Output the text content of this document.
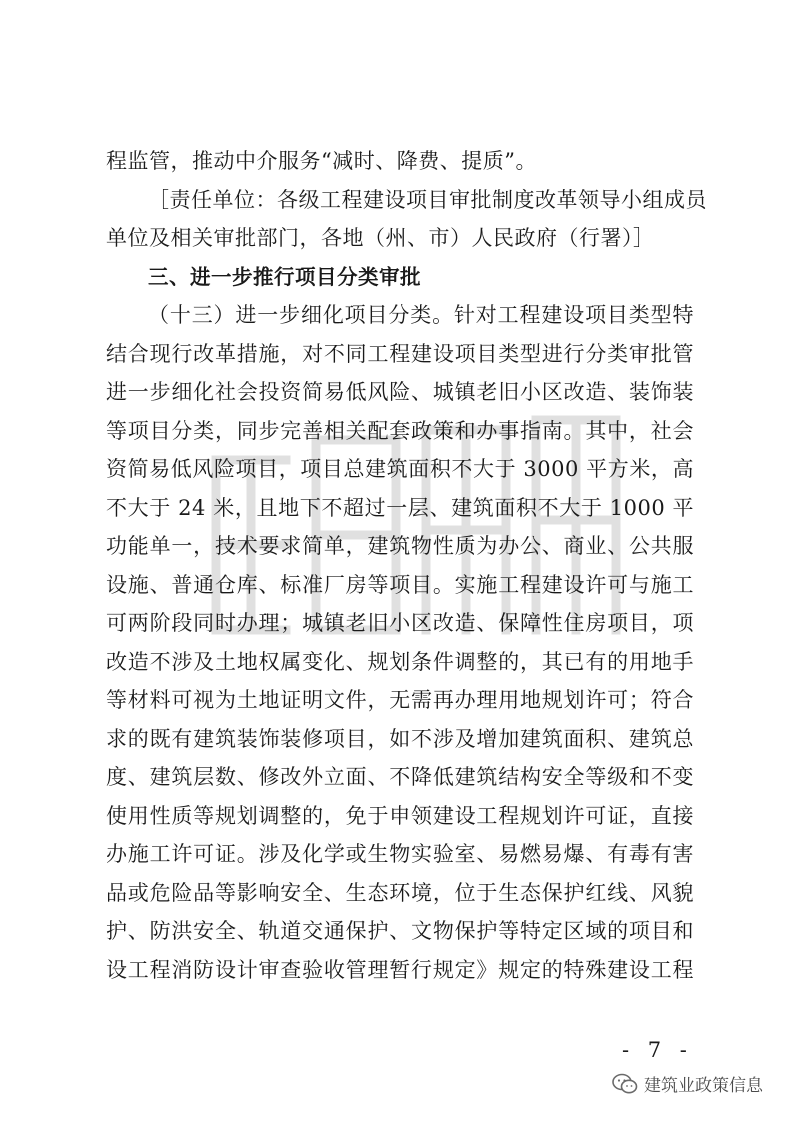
程监管，推动中介服务“减时、降费、提质”。
［责任单位：各级工程建设项目审批制度改革领导小组成员
单位及相关审批部门，各地（州、市）人民政府（行署）］
三、进一步推行项目分类审批
（十三）进一步细化项目分类。针对工程建设项目类型特
结合现行改革措施，对不同工程建设项目类型进行分类审批管
进一步细化社会投资简易低风险、城镇老旧小区改造、装饰装
等项目分类，同步完善相关配套政策和办事指南。其中，社会
资简易低风险项目，项目总建筑面积不大于 3000 平方米，高
不大于 24 米，且地下不超过一层、建筑面积不大于 1000 平
功能单一，技术要求简单，建筑物性质为办公、商业、公共服
设施、普通仓库、标准厂房等项目。实施工程建设许可与施工
可两阶段同时办理；城镇老旧小区改造、保障性住房项目，项
改造不涉及土地权属变化、规划条件调整的，其已有的用地手
等材料可视为土地证明文件，无需再办理用地规划许可；符合
求的既有建筑装饰装修项目，如不涉及增加建筑面积、建筑总
度、建筑层数、修改外立面、不降低建筑结构安全等级和不变
使用性质等规划调整的，免于申领建设工程规划许可证，直接
办施工许可证。涉及化学或生物实验室、易燃易爆、有毒有害
品或危险品等影响安全、生态环境，位于生态保护红线、风貌
护、防洪安全、轨道交通保护、文物保护等特定区域的项目和
设工程消防设计审查验收管理暂行规定》规定的特殊建设工程
- 7 -
建筑业政策信息
